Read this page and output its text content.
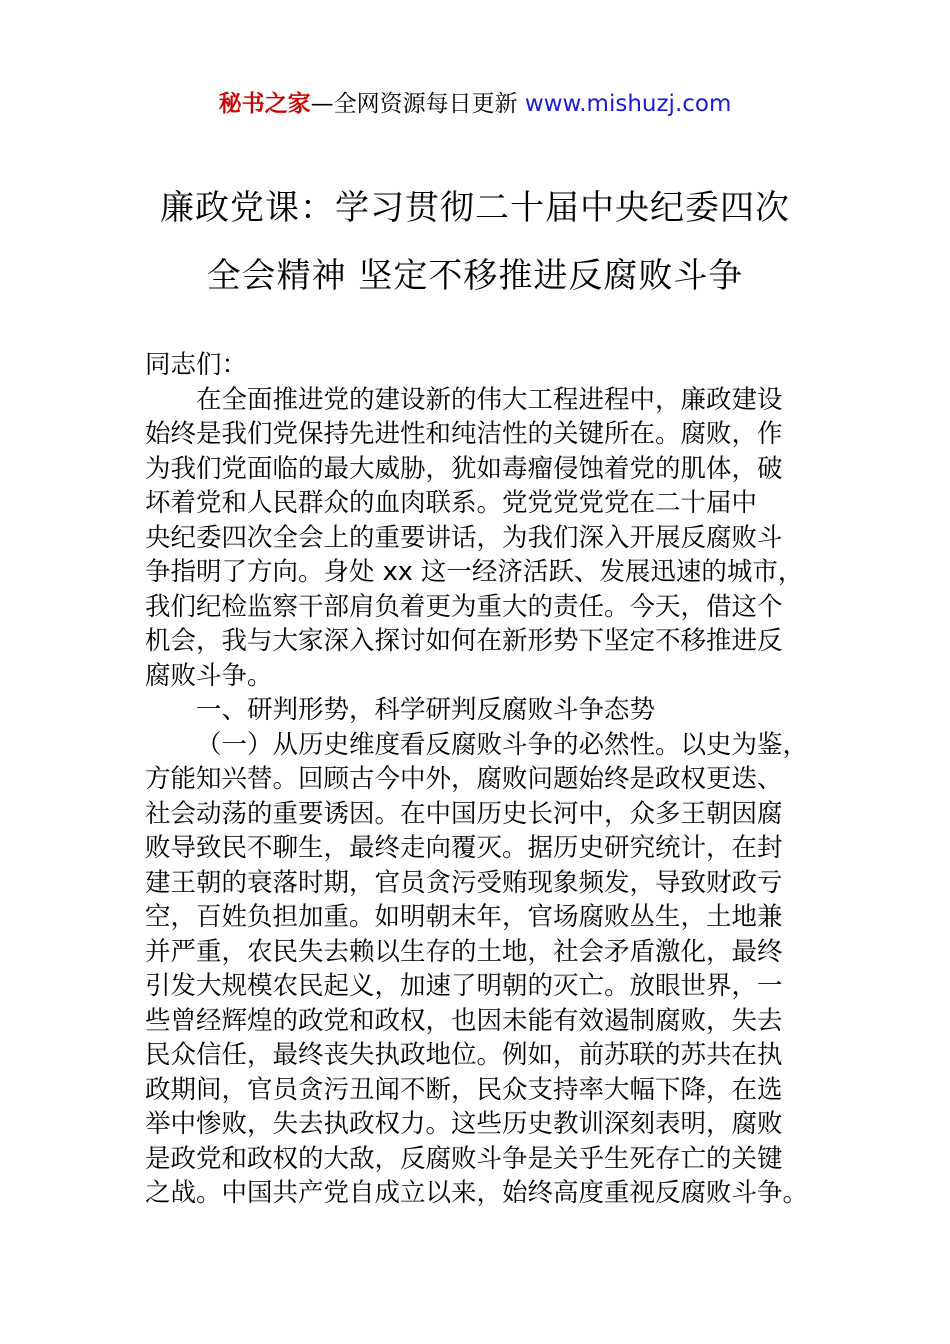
秘书之家—全网资源每日更新 www.mishuzj.com
廉政党课：学习贯彻二十届中央纪委四次
全会精神 坚定不移推进反腐败斗争
同志们：
在全面推进党的建设新的伟大工程进程中，廉政建设
始终是我们党保持先进性和纯洁性的关键所在。腐败，作
为我们党面临的最大威胁，犹如毒瘤侵蚀着党的肌体，破
坏着党和人民群众的血肉联系。党党党党党在二十届中
央纪委四次全会上的重要讲话，为我们深入开展反腐败斗
争指明了方向。身处 xx 这一经济活跃、发展迅速的城市，
我们纪检监察干部肩负着更为重大的责任。今天，借这个
机会，我与大家深入探讨如何在新形势下坚定不移推进反
腐败斗争。
一、研判形势，科学研判反腐败斗争态势
（一）从历史维度看反腐败斗争的必然性。以史为鉴，
方能知兴替。回顾古今中外，腐败问题始终是政权更迭、
社会动荡的重要诱因。在中国历史长河中，众多王朝因腐
败导致民不聊生，最终走向覆灭。据历史研究统计，在封
建王朝的衰落时期，官员贪污受贿现象频发，导致财政亏
空，百姓负担加重。如明朝末年，官场腐败丛生，土地兼
并严重，农民失去赖以生存的土地，社会矛盾激化，最终
引发大规模农民起义，加速了明朝的灭亡。放眼世界，一
些曾经辉煌的政党和政权，也因未能有效遏制腐败，失去
民众信任，最终丧失执政地位。例如，前苏联的苏共在执
政期间，官员贪污丑闻不断，民众支持率大幅下降，在选
举中惨败，失去执政权力。这些历史教训深刻表明，腐败
是政党和政权的大敌，反腐败斗争是关乎生死存亡的关键
之战。中国共产党自成立以来，始终高度重视反腐败斗争。
